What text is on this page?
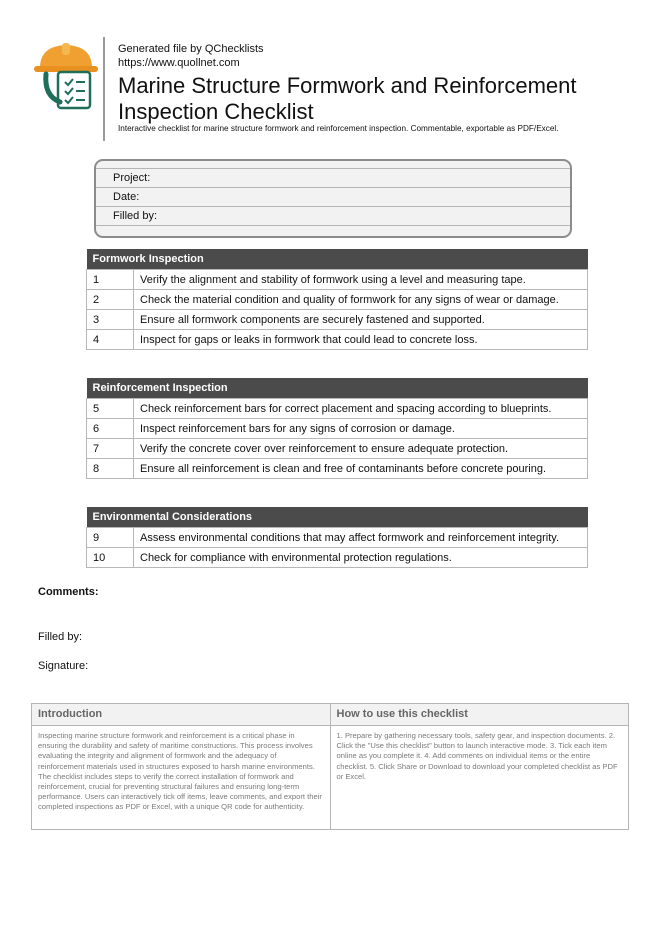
Generated file by QChecklists
https://www.quollnet.com
Marine Structure Formwork and Reinforcement
Inspection Checklist
Interactive checklist for marine structure formwork and reinforcement inspection. Commentable, exportable as PDF/Excel.
Project:
Date:
Filled by:
Formwork Inspection	
1	Verify the alignment and stability of formwork using a level and measuring tape.
2	Check the material condition and quality of formwork for any signs of wear or damage.
3	Ensure all formwork components are securely fastened and supported.
4	Inspect for gaps or leaks in formwork that could lead to concrete loss.
Reinforcement Inspection	
5	Check reinforcement bars for correct placement and spacing according to blueprints.
6	Inspect reinforcement bars for any signs of corrosion or damage.
7	Verify the concrete cover over reinforcement to ensure adequate protection.
8	Ensure all reinforcement is clean and free of contaminants before concrete pouring.
Environmental Considerations	
9	Assess environmental conditions that may affect formwork and reinforcement integrity.
10	Check for compliance with environmental protection regulations.
Comments:
Filled by:
Signature:
Introduction
Inspecting marine structure formwork and reinforcement is a critical phase in ensuring the durability and safety of maritime constructions. This process involves evaluating the integrity and alignment of formwork and the adequacy of reinforcement materials used in structures exposed to harsh marine environments. The checklist includes steps to verify the correct installation of formwork and reinforcement, crucial for preventing structural failures and ensuring long-term performance. Users can interactively tick off items, leave comments, and export their completed inspections as PDF or Excel, with a unique QR code for authenticity.
How to use this checklist
1. Prepare by gathering necessary tools, safety gear, and inspection documents. 2. Click the "Use this checklist" button to launch interactive mode. 3. Tick each item online as you complete it. 4. Add comments on individual items or the entire checklist. 5. Click Share or Download to download your completed checklist as PDF or Excel.
